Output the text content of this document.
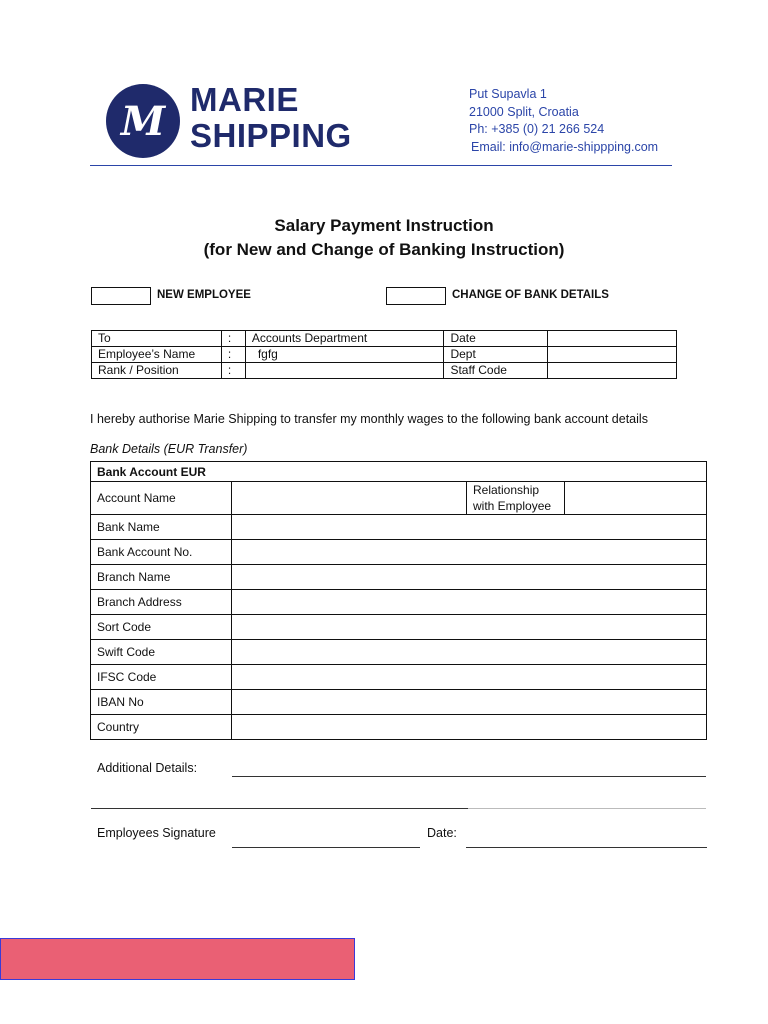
M MARIE
SHIPPING
Put Supavla 1
21000 Split, Croatia
Ph: +385 (0) 21 266 524
Email: info@marie-shippping.com
Salary Payment Instruction
(for New and Change of Banking Instruction)
NEW EMPLOYEE	CHANGE OF BANK DETAILS
To	:	Accounts Department	Date	
Employee’s Name	:	fgfg	Dept	
Rank / Position	:		Staff Code	
I hereby authorise Marie Shipping to transfer my monthly wages to the following bank account details
Bank Details (EUR Transfer)
Bank Account EUR			
Account Name		Relationship with Employee	
Bank Name			
Bank Account No.			
Branch Name			
Branch Address			
Sort Code			
Swift Code			
IFSC Code			
IBAN No			
Country			
Additional Details:
Employees Signature	Date:
